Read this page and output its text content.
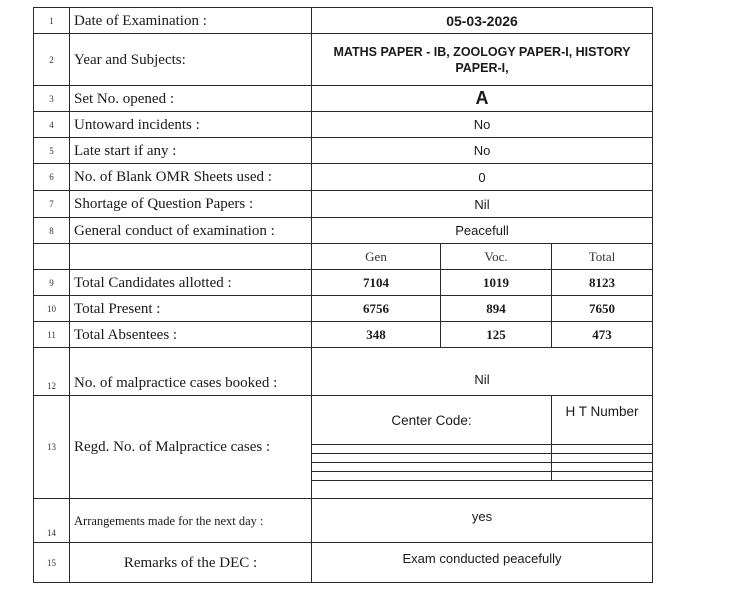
1	Date of Examination :	05-03-2026		
2	Year and Subjects:	MATHS PAPER - IB, ZOOLOGY PAPER-I, HISTORY PAPER-I,		
3	Set No. opened :	A		
4	Untoward incidents :	No		
5	Late start if any :	No		
6	No. of Blank OMR Sheets used :	0		
7	Shortage of Question Papers :	Nil		
8	General conduct of examination :	Peacefull		
		Gen	Voc.	Total
9	Total Candidates allotted :	7104	1019	8123
10	Total Present :	6756	894	7650
11	Total Absentees :	348	125	473
12	No. of malpractice cases booked :	Nil		
13	Regd. No. of Malpractice cases :	Center Code:		H T Number

14	Arrangements made for the next day :	yes		
15	Remarks of the DEC :	Exam conducted peacefully		
